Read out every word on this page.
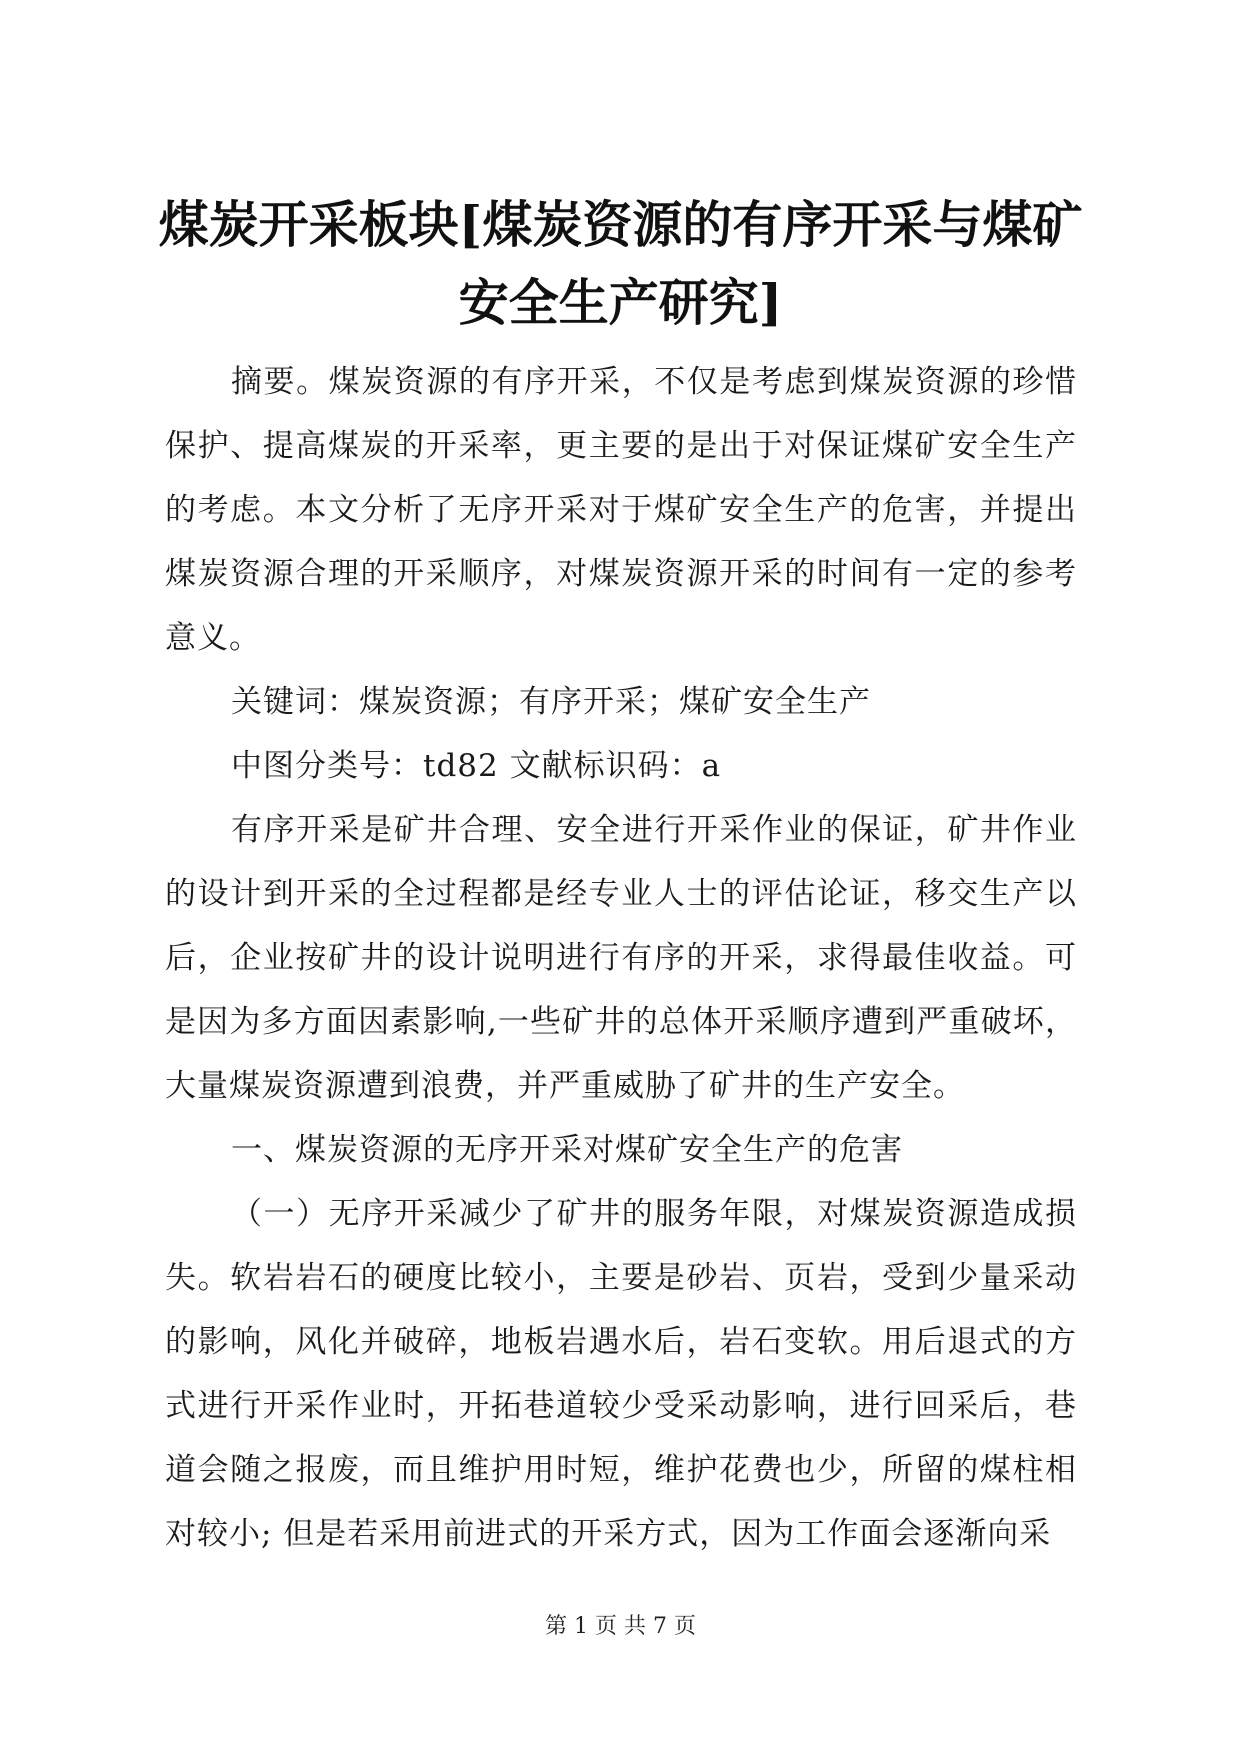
煤炭开采板块[煤炭资源的有序开采与煤矿安全生产研究]

摘要。煤炭资源的有序开采，不仅是考虑到煤炭资源的珍惜保护、提高煤炭的开采率，更主要的是出于对保证煤矿安全生产的考虑。本文分析了无序开采对于煤矿安全生产的危害，并提出煤炭资源合理的开采顺序，对煤炭资源开采的时间有一定的参考意义。

关键词：煤炭资源；有序开采；煤矿安全生产

中图分类号：td82 文献标识码：a

有序开采是矿井合理、安全进行开采作业的保证，矿井作业的设计到开采的全过程都是经专业人士的评估论证，移交生产以后，企业按矿井的设计说明进行有序的开采，求得最佳收益。可是因为多方面因素影响,一些矿井的总体开采顺序遭到严重破坏，大量煤炭资源遭到浪费，并严重威胁了矿井的生产安全。

一、煤炭资源的无序开采对煤矿安全生产的危害

（一）无序开采减少了矿井的服务年限，对煤炭资源造成损失。软岩岩石的硬度比较小，主要是砂岩、页岩，受到少量采动的影响，风化并破碎，地板岩遇水后，岩石变软。用后退式的方式进行开采作业时，开拓巷道较少受采动影响，进行回采后，巷道会随之报废，而且维护用时短，维护花费也少，所留的煤柱相对较小; 但是若采用前进式的开采方式，因为工作面会逐渐向采

第 1 页 共 7 页
